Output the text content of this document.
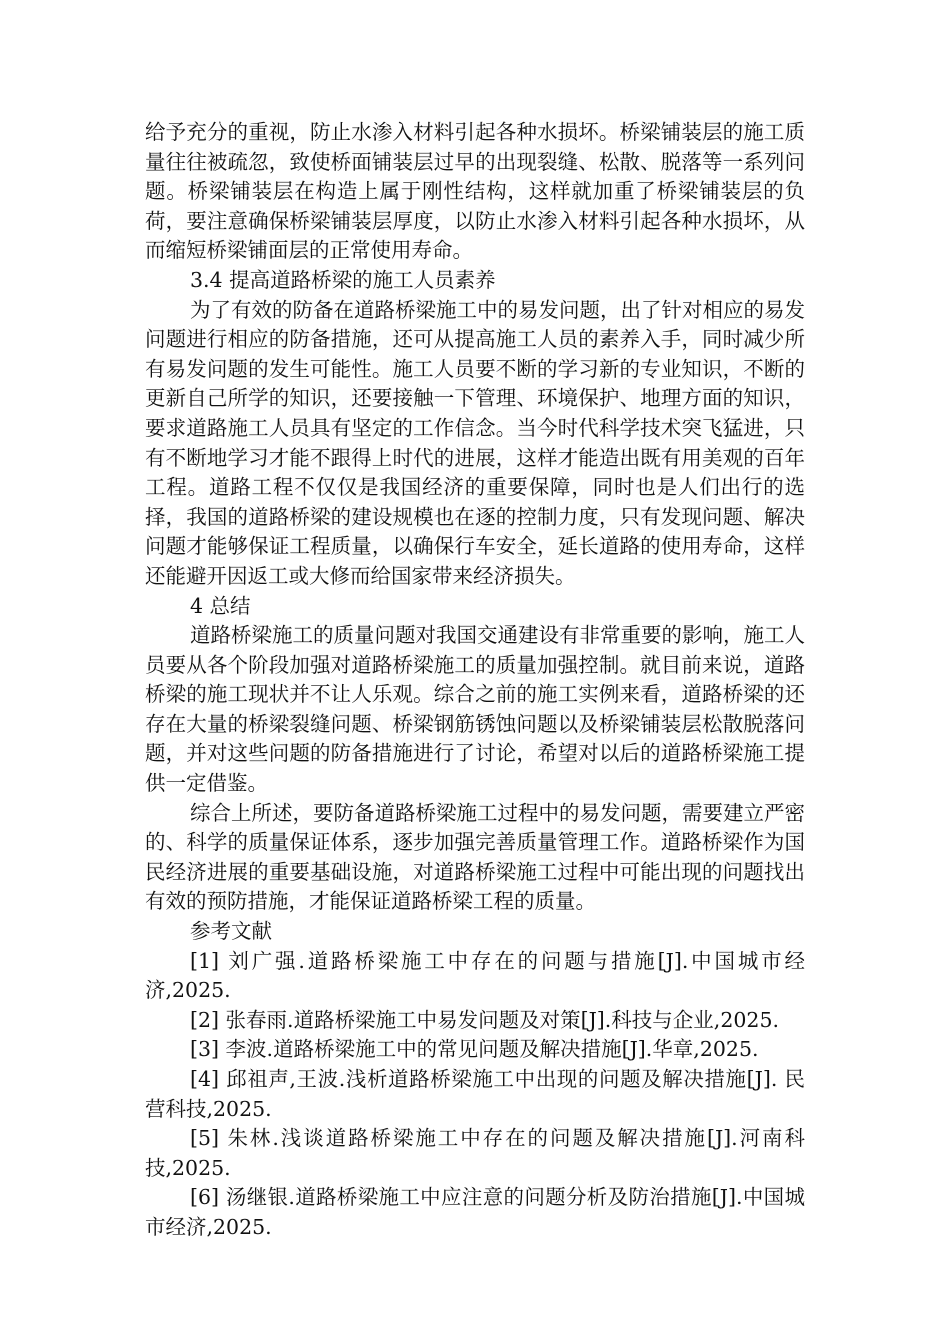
给予充分的重视，防止水渗入材料引起各种水损坏。桥梁铺装层的施工质量往往被疏忽，致使桥面铺装层过早的出现裂缝、松散、脱落等一系列问题。桥梁铺装层在构造上属于刚性结构，这样就加重了桥梁铺装层的负荷，要注意确保桥梁铺装层厚度，以防止水渗入材料引起各种水损坏，从而缩短桥梁铺面层的正常使用寿命。

3.4 提高道路桥梁的施工人员素养

为了有效的防备在道路桥梁施工中的易发问题，出了针对相应的易发问题进行相应的防备措施，还可从提高施工人员的素养入手，同时减少所有易发问题的发生可能性。施工人员要不断的学习新的专业知识，不断的更新自己所学的知识，还要接触一下管理、环境保护、地理方面的知识，要求道路施工人员具有坚定的工作信念。当今时代科学技术突飞猛进，只有不断地学习才能不跟得上时代的进展，这样才能造出既有用美观的百年工程。道路工程不仅仅是我国经济的重要保障，同时也是人们出行的选择，我国的道路桥梁的建设规模也在逐的控制力度，只有发现问题、解决问题才能够保证工程质量，以确保行车安全，延长道路的使用寿命，这样还能避开因返工或大修而给国家带来经济损失。

4 总结

道路桥梁施工的质量问题对我国交通建设有非常重要的影响，施工人员要从各个阶段加强对道路桥梁施工的质量加强控制。就目前来说，道路桥梁的施工现状并不让人乐观。综合之前的施工实例来看，道路桥梁的还存在大量的桥梁裂缝问题、桥梁钢筋锈蚀问题以及桥梁铺装层松散脱落问题，并对这些问题的防备措施进行了讨论，希望对以后的道路桥梁施工提供一定借鉴。

综合上所述，要防备道路桥梁施工过程中的易发问题，需要建立严密的、科学的质量保证体系，逐步加强完善质量管理工作。道路桥梁作为国民经济进展的重要基础设施，对道路桥梁施工过程中可能出现的问题找出有效的预防措施，才能保证道路桥梁工程的质量。

参考文献

[1] 刘广强.道路桥梁施工中存在的问题与措施[J].中国城市经济,2025.

[2] 张春雨.道路桥梁施工中易发问题及对策[J].科技与企业,2025.

[3] 李波.道路桥梁施工中的常见问题及解决措施[J].华章,2025.

[4] 邱祖声,王波.浅析道路桥梁施工中出现的问题及解决措施[J]. 民营科技,2025.

[5] 朱林.浅谈道路桥梁施工中存在的问题及解决措施[J].河南科技,2025.

[6] 汤继银.道路桥梁施工中应注意的问题分析及防治措施[J].中国城市经济,2025.
